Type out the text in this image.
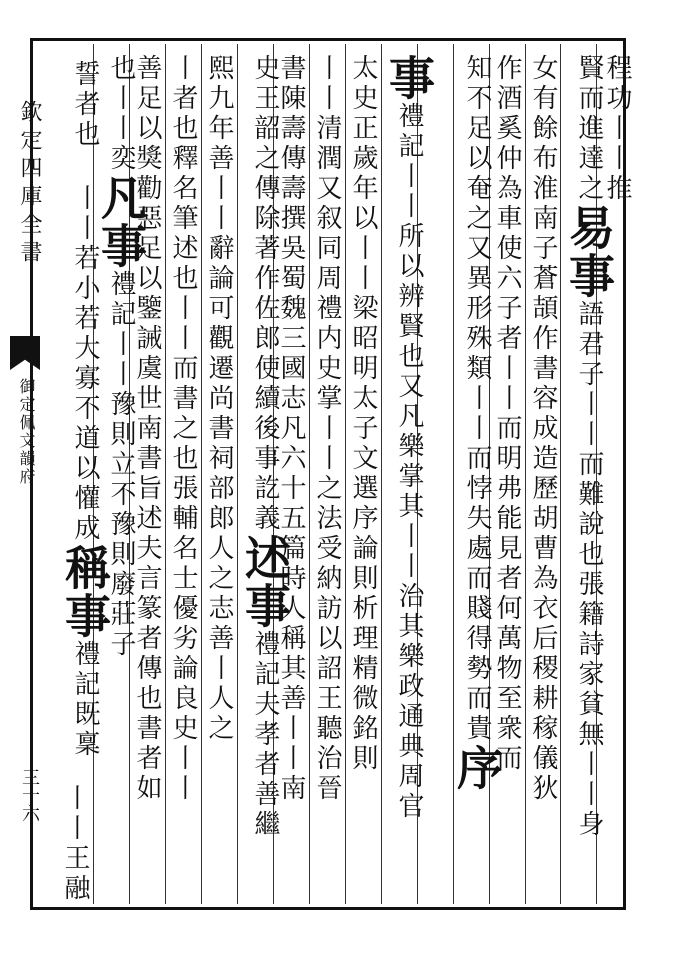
欽定四庫全書
御定佩文韻府
三十六
程功丨丨推
賢而進達之易事語君子丨丨而難說也張籍詩家貧無丨丨身
女有餘布淮南子蒼頡作書容成造歷胡曹為衣后稷耕稼儀狄
作酒奚仲為車使六子者丨丨而明弗能見者何萬物至衆而
知不足以奄之又異形殊類丨丨而悖失處而賤得勢而貴序
事禮記丨丨所以辨賢也又凡樂掌其丨丨治其樂政通典周官
太史正歲年以丨丨梁昭明太子文選序論則析理精微銘則
丨丨清潤又叙同周禮内史掌丨丨之法受納訪以詔王聽治晉
書陳壽傳壽撰吳蜀魏三國志凡六十五篇時人稱其善丨丨南
史王韶之傳除著作佐郎使續後事訖義述事禮記夫孝者善繼
熙九年善丨丨辭論可觀遷尚書祠部郎人之志善丨人之
丨者也釋名筆述也丨丨而書之也張輔名士優劣論良史丨丨
善足以獎勸惡足以鑒誡虞世南書旨述夫言篆者傳也書者如
也丨丨奕凡事禮記丨丨豫則立不豫則廢莊子
誓者也 丨丨若小若大寡不道以懽成稱事禮記既稟
丨丨王融
